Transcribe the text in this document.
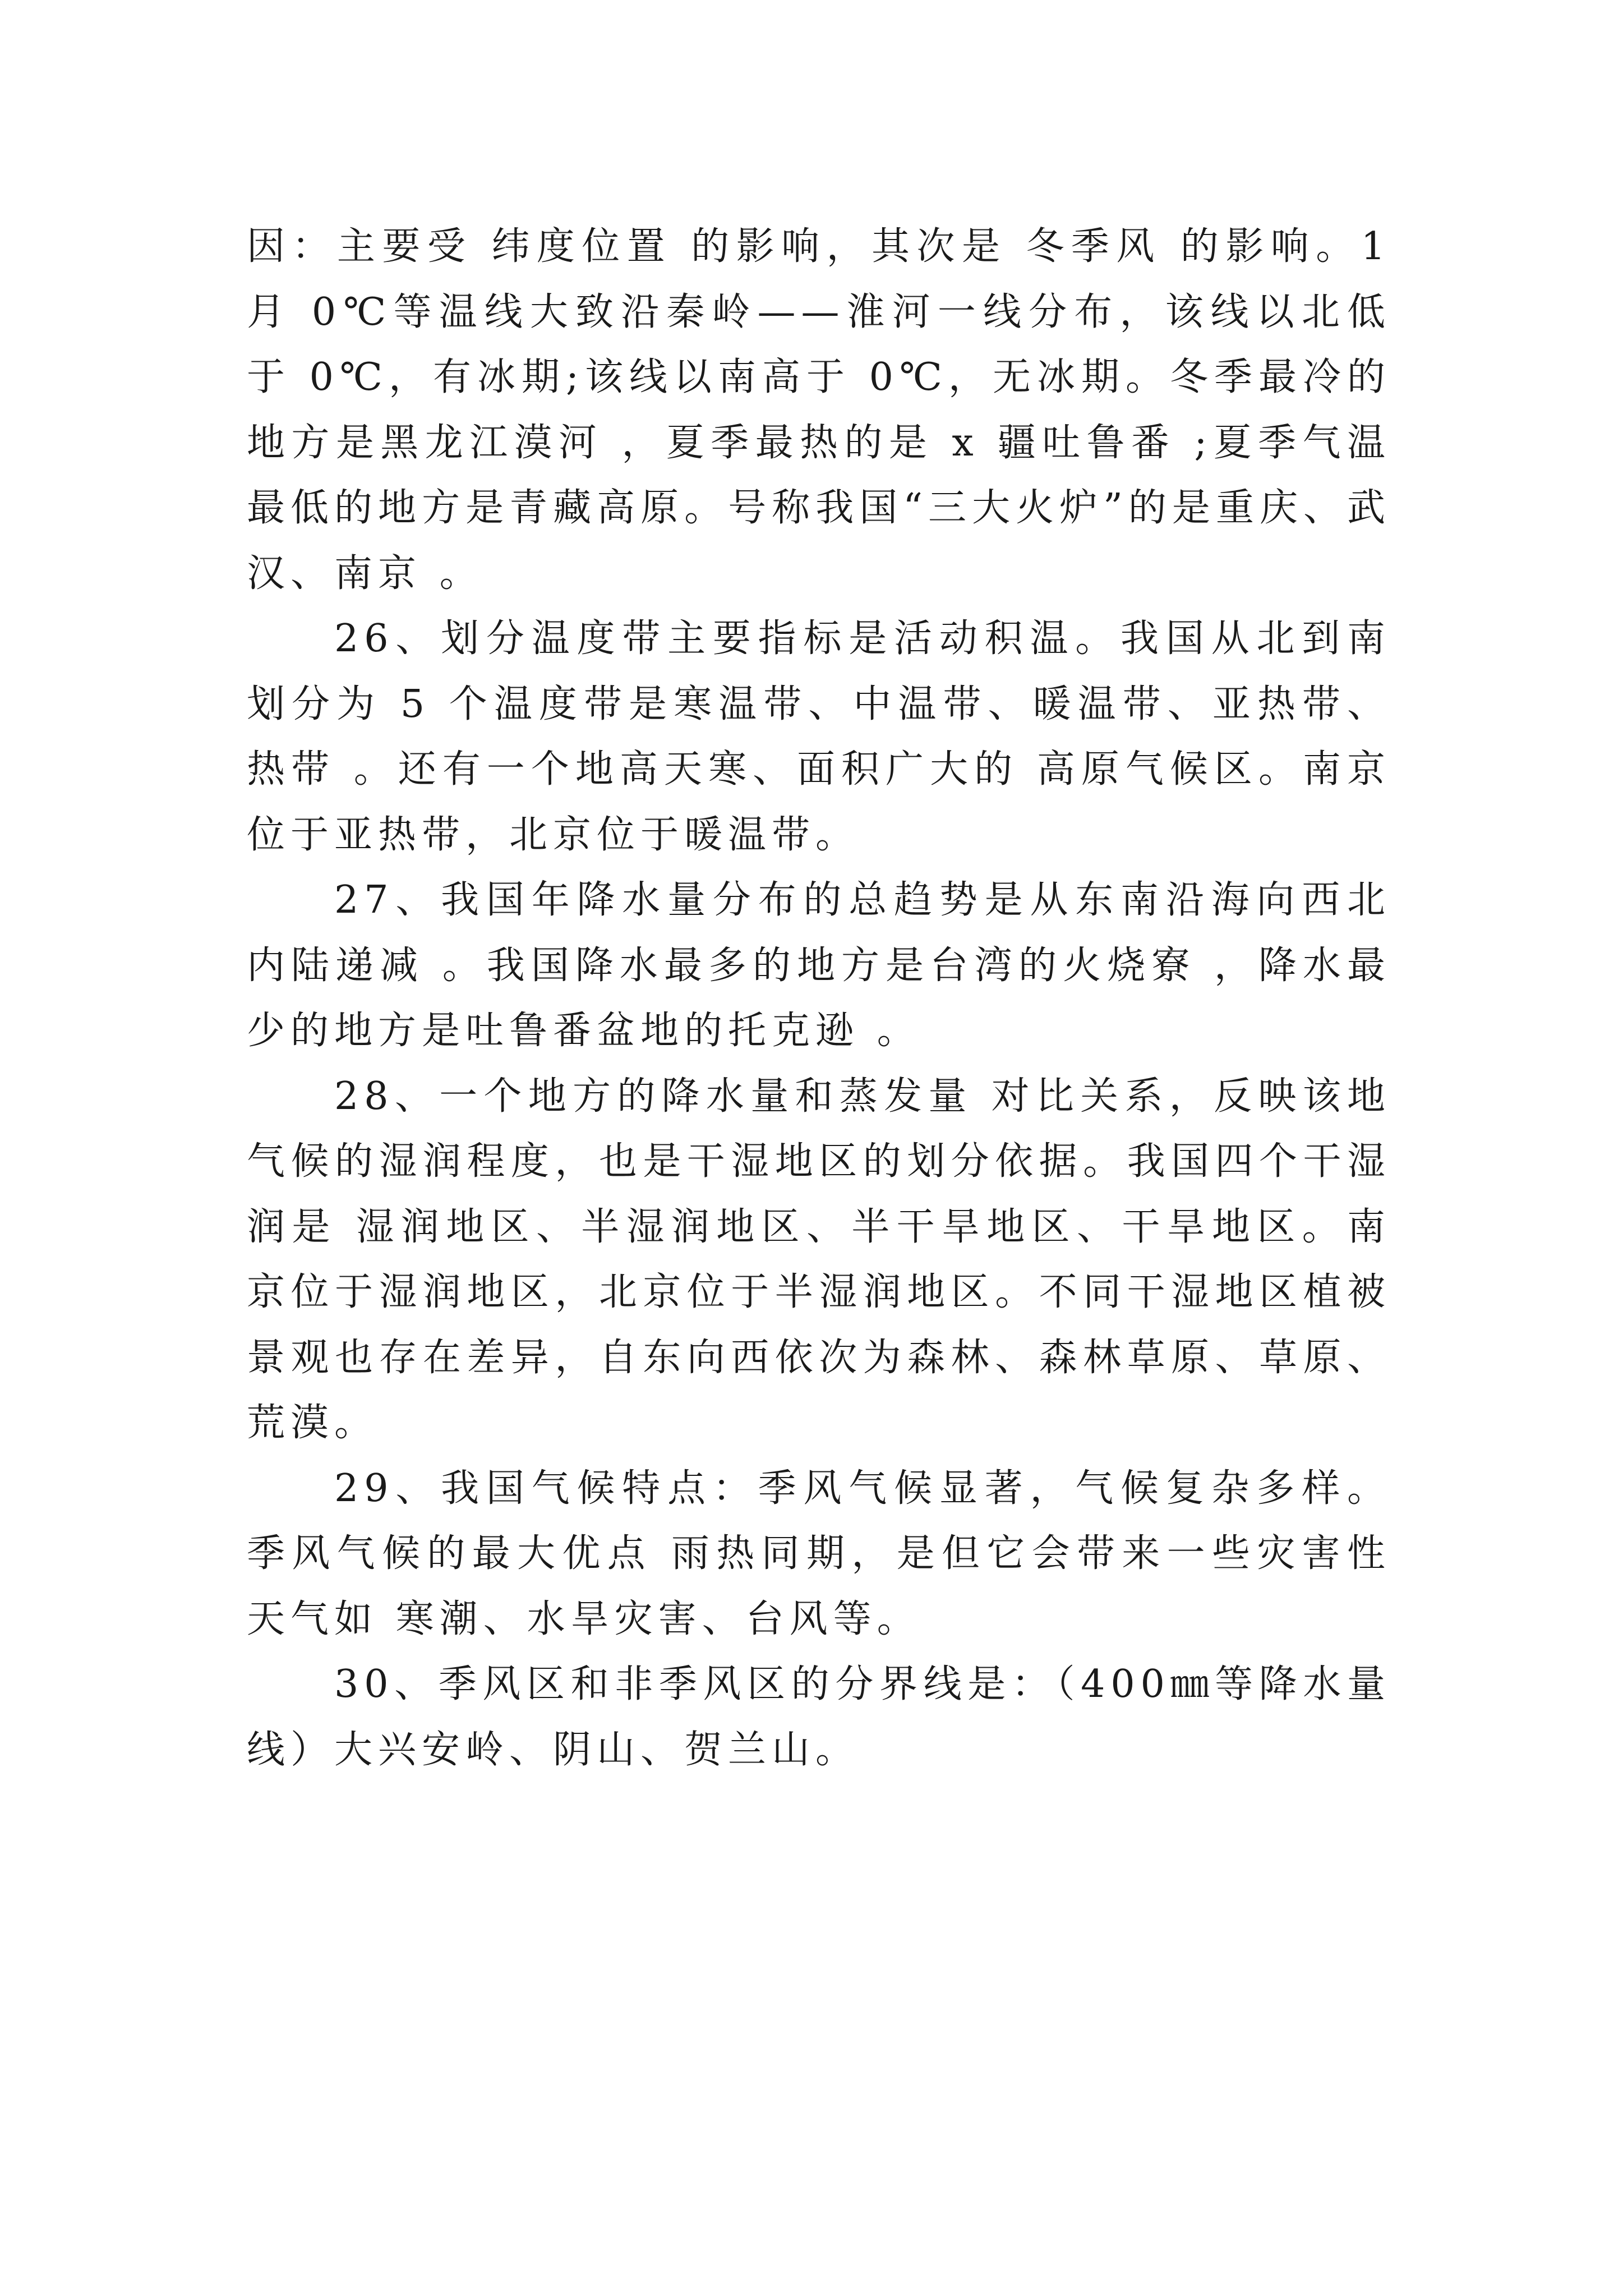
因：主要受 纬度位置 的影响，其次是 冬季风 的影响。1 月 0℃等温线大致沿秦岭——淮河一线分布，该线以北低于 0℃，有冰期;该线以南高于 0℃，无冰期。冬季最冷的地方是黑龙江漠河 ，夏季最热的是 x 疆吐鲁番 ;夏季气温最低的地方是青藏高原。号称我国“三大火炉”的是重庆、武汉、南京 。

26、划分温度带主要指标是活动积温。我国从北到南划分为 5 个温度带是寒温带、中温带、暖温带、亚热带、热带 。还有一个地高天寒、面积广大的 高原气候区。南京位于亚热带，北京位于暖温带。

27、我国年降水量分布的总趋势是从东南沿海向西北内陆递减 。我国降水最多的地方是台湾的火烧寮 ，降水最少的地方是吐鲁番盆地的托克逊 。

28、一个地方的降水量和蒸发量 对比关系，反映该地气候的湿润程度，也是干湿地区的划分依据。我国四个干湿润是 湿润地区、半湿润地区、半干旱地区、干旱地区。南京位于湿润地区，北京位于半湿润地区。不同干湿地区植被景观也存在差异，自东向西依次为森林、森林草原、草原、荒漠。

29、我国气候特点：季风气候显著，气候复杂多样。季风气候的最大优点 雨热同期，是但它会带来一些灾害性天气如 寒潮、水旱灾害、台风等。

30、季风区和非季风区的分界线是：（400㎜等降水量线）大兴安岭、阴山、贺兰山。
